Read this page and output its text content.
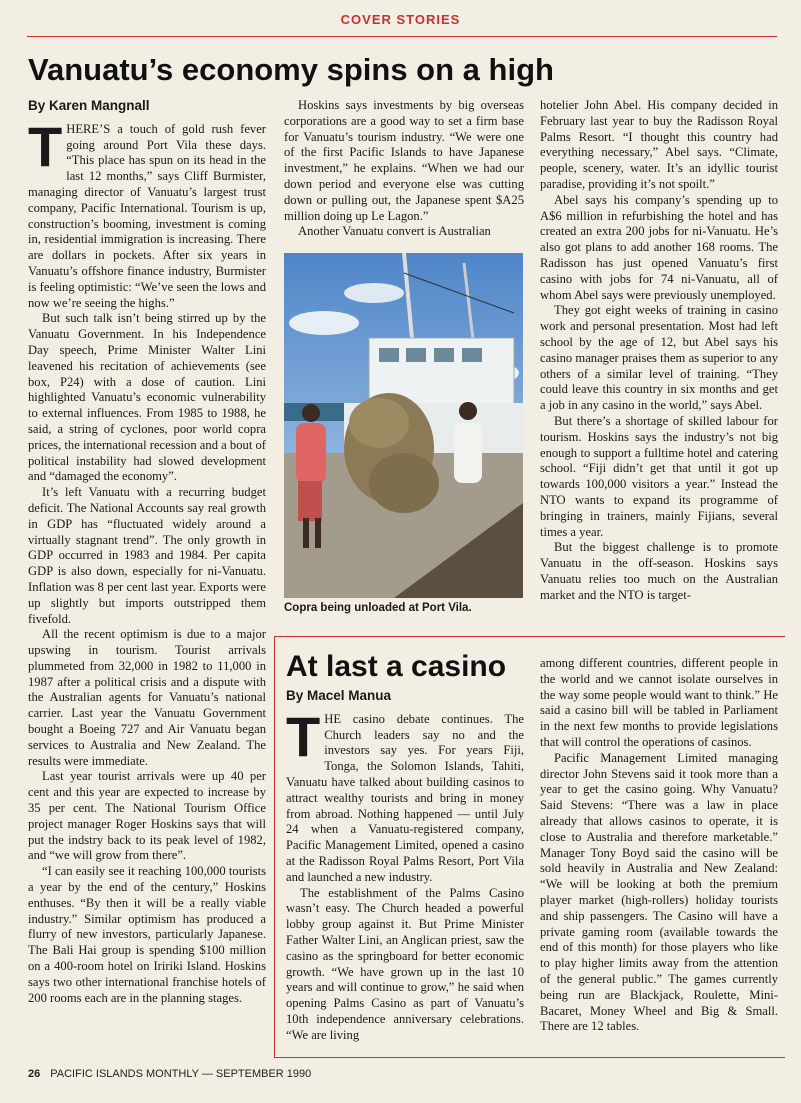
COVER STORIES
Vanuatu’s economy spins on a high
By Karen Mangnall
T HERE’S a touch of gold rush fever going around Port Vila these days. “This place has spun on its head in the last 12 months,” says Cliff Burmister, managing director of Vanuatu’s largest trust company, Pacific International. Tourism is up, construction’s booming, investment is coming in, residential immigration is increasing. There are dollars in pockets. After six years in Vanuatu’s offshore finance industry, Burmister is feeling optimistic: “We’ve seen the lows and now we’re seeing the highs.”

But such talk isn’t being stirred up by the Vanuatu Government. In his Independence Day speech, Prime Minister Walter Lini leavened his recitation of achievements (see box, P24) with a dose of caution. Lini highlighted Vanuatu’s economic vulnerability to external influences. From 1985 to 1988, he said, a string of cyclones, poor world copra prices, the international recession and a bout of political instability had slowed development and “damaged the economy”.

It’s left Vanuatu with a recurring budget deficit. The National Accounts say real growth in GDP has “fluctuated widely around a virtually stagnant trend”. The only growth in GDP occurred in 1983 and 1984. Per capita GDP is also down, especially for ni-Vanuatu. Inflation was 8 per cent last year. Exports were up slightly but imports outstripped them fivefold.

All the recent optimism is due to a major upswing in tourism. Tourist arrivals plummeted from 32,000 in 1982 to 11,000 in 1987 after a political crisis and a dispute with the Australian agents for Vanuatu’s national carrier. Last year the Vanuatu Government bought a Boeing 727 and Air Vanuatu began services to Australia and New Zealand. The results were immediate.

Last year tourist arrivals were up 40 per cent and this year are expected to increase by 35 per cent. The National Tourism Office project manager Roger Hoskins says that will put the indstry back to its peak level of 1982, and “we will grow from there”.

“I can easily see it reaching 100,000 tourists a year by the end of the century,” Hoskins enthuses. “By then it will be a really viable industry.” Similar optimism has produced a flurry of new investors, particularly Japanese. The Bali Hai group is spending $100 million on a 400-room hotel on Iririki Island. Hoskins says two other international franchise hotels of 200 rooms each are in the planning stages.

Hoskins says investments by big overseas corporations are a good way to set a firm base for Vanuatu’s tourism industry. “We were one of the first Pacific Islands to have Japanese investment,” he explains. “When we had our down period and everyone else was cutting down or pulling out, the Japanese spent $A25 million doing up Le Lagon.”

Another Vanuatu convert is Australian

Copra being unloaded at Port Vila.

hotelier John Abel. His company decided in February last year to buy the Radisson Royal Palms Resort. “I thought this country had everything necessary,” Abel says. “Climate, people, scenery, water. It’s an idyllic tourist paradise, providing it’s not spoilt.”

Abel says his company’s spending up to A$6 million in refurbishing the hotel and has created an extra 200 jobs for ni-Vanuatu. He’s also got plans to add another 168 rooms. The Radisson has just opened Vanuatu’s first casino with jobs for 74 ni-Vanuatu, all of whom Abel says were previously unemployed.

They got eight weeks of training in casino work and personal presentation. Most had left school by the age of 12, but Abel says his casino manager praises them as superior to any others of a similar level of training. “They could leave this country in six months and get a job in any casino in the world,” says Abel.

But there’s a shortage of skilled labour for tourism. Hoskins says the industry’s not big enough to support a fulltime hotel and catering school. “Fiji didn’t get that until it got up towards 100,000 visitors a year.” Instead the NTO wants to expand its programme of bringing in trainers, mainly Fijians, several times a year.

But the biggest challenge is to promote Vanuatu in the off-season. Hoskins says Vanuatu relies too much on the Australian market and the NTO is target-

At last a casino
By Macel Manua
T HE casino debate continues. The Church leaders say no and the investors say yes. For years Fiji, Tonga, the Solomon Islands, Tahiti, Vanuatu have talked about building casinos to attract wealthy tourists and bring in money from abroad. Nothing happened — until July 24 when a Vanuatu-registered company, Pacific Management Limited, opened a casino at the Radisson Royal Palms Resort, Port Vila and launched a new industry.

The establishment of the Palms Casino wasn’t easy. The Church headed a powerful lobby group against it. But Prime Minister Father Walter Lini, an Anglican priest, saw the casino as the springboard for better economic growth. “We have grown up in the last 10 years and will continue to grow,” he said when opening Palms Casino as part of Vanuatu’s 10th independence anniversary celebrations. “We are living

among different countries, different people in the world and we cannot isolate ourselves in the way some people would want to think.” He said a casino bill will be tabled in Parliament in the next few months to provide legislations that will control the operations of casinos.

Pacific Management Limited managing director John Stevens said it took more than a year to get the casino going. Why Vanuatu? Said Stevens: “There was a law in place already that allows casinos to operate, it is close to Australia and therefore marketable.” Manager Tony Boyd said the casino will be sold heavily in Australia and New Zealand: “We will be looking at both the premium player market (high-rollers) holiday tourists and ship passengers. The Casino will have a private gaming room (available towards the end of this month) for those players who like to play higher limits away from the attention of the general public.” The games currently being run are Blackjack, Roulette, Mini-Bacaret, Money Wheel and Big & Small. There are 12 tables.

26 PACIFIC ISLANDS MONTHLY — SEPTEMBER 1990
